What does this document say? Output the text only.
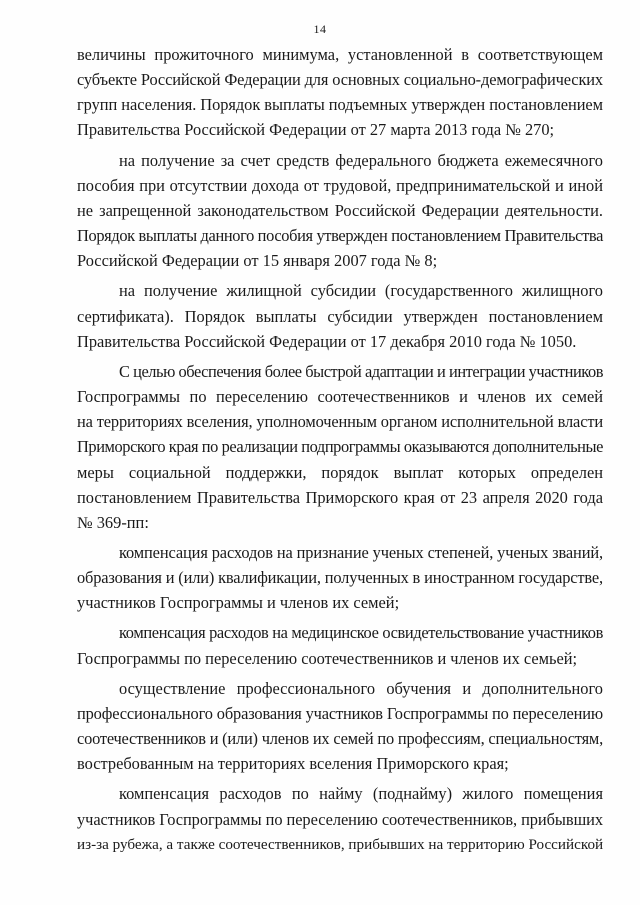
14
величины прожиточного минимума, установленной в соответствующем
субъекте Российской Федерации для основных социально-демографических
групп населения. Порядок выплаты подъемных утвержден постановлением
Правительства Российской Федерации от 27 марта 2013 года № 270;
на получение за счет средств федерального бюджета ежемесячного
пособия при отсутствии дохода от трудовой, предпринимательской и иной
не запрещенной законодательством Российской Федерации деятельности.
Порядок выплаты данного пособия утвержден постановлением Правительства
Российской Федерации от 15 января 2007 года № 8;
на получение жилищной субсидии (государственного жилищного
сертификата). Порядок выплаты субсидии утвержден постановлением
Правительства Российской Федерации от 17 декабря 2010 года № 1050.
С целью обеспечения более быстрой адаптации и интеграции участников
Госпрограммы по переселению соотечественников и членов их семей
на территориях вселения, уполномоченным органом исполнительной власти
Приморского края по реализации подпрограммы оказываются дополнительные
меры социальной поддержки, порядок выплат которых определен
постановлением Правительства Приморского края от 23 апреля 2020 года
№ 369-пп:
компенсация расходов на признание ученых степеней, ученых званий,
образования и (или) квалификации, полученных в иностранном государстве,
участников Госпрограммы и членов их семей;
компенсация расходов на медицинское освидетельствование участников
Госпрограммы по переселению соотечественников и членов их семьей;
осуществление профессионального обучения и дополнительного
профессионального образования участников Госпрограммы по переселению
соотечественников и (или) членов их семей по профессиям, специальностям,
востребованным на территориях вселения Приморского края;
компенсация расходов по найму (поднайму) жилого помещения
участников Госпрограммы по переселению соотечественников, прибывших
из-за рубежа, а также соотечественников, прибывших на территорию Российской
